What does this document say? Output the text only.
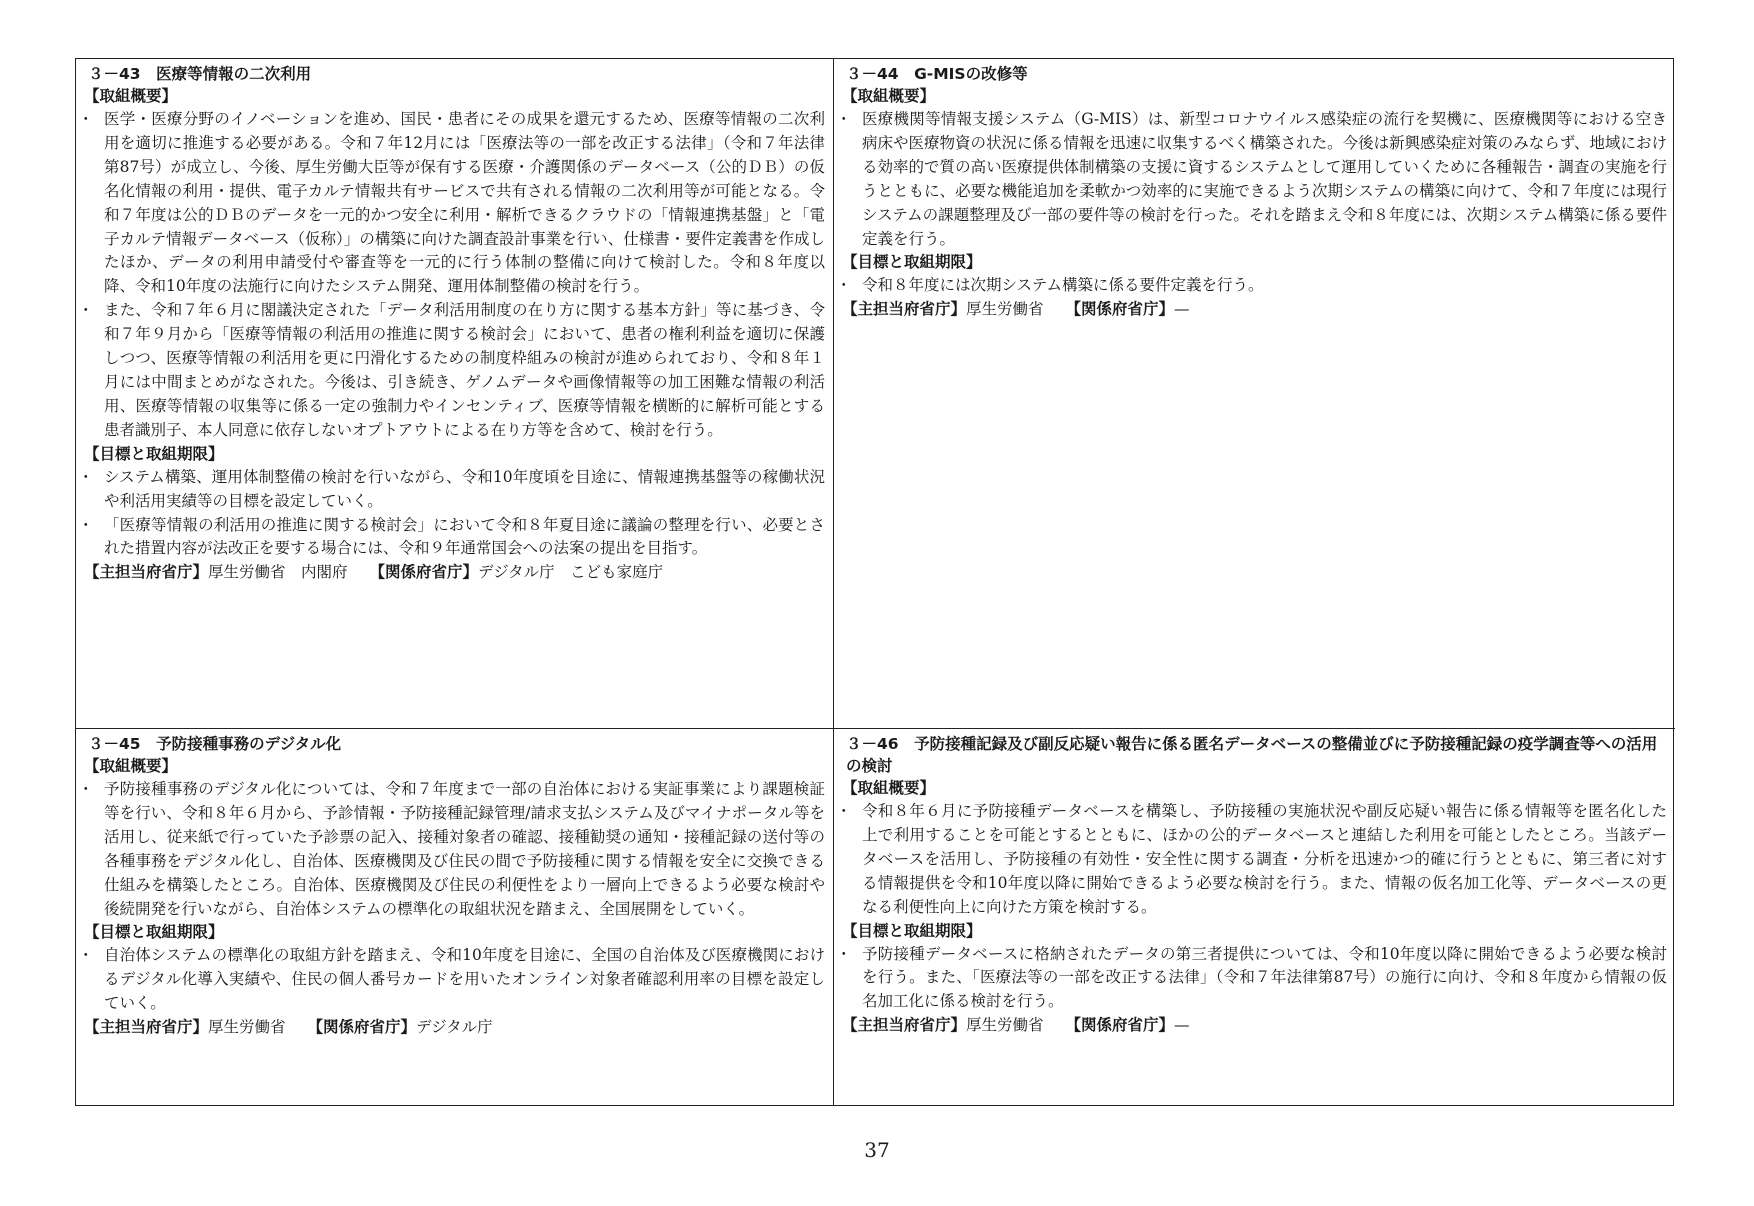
３－43　医療等情報の二次利用
【取組概要】
・ 医学・医療分野のイノベーションを進め、国民・患者にその成果を還元するため、医療等情報の二次利用を適切に推進する必要がある。令和７年12月には「医療法等の一部を改正する法律」（令和７年法律第87号）が成立し、今後、厚生労働大臣等が保有する医療・介護関係のデータベース（公的ＤＢ）の仮名化情報の利用・提供、電子カルテ情報共有サービスで共有される情報の二次利用等が可能となる。令和７年度は公的ＤＢのデータを一元的かつ安全に利用・解析できるクラウドの「情報連携基盤」と「電子カルテ情報データベース（仮称）」の構築に向けた調査設計事業を行い、仕様書・要件定義書を作成したほか、データの利用申請受付や審査等を一元的に行う体制の整備に向けて検討した。令和８年度以降、令和10年度の法施行に向けたシステム開発、運用体制整備の検討を行う。
・ また、令和７年６月に閣議決定された「データ利活用制度の在り方に関する基本方針」等に基づき、令和７年９月から「医療等情報の利活用の推進に関する検討会」において、患者の権利利益を適切に保護しつつ、医療等情報の利活用を更に円滑化するための制度枠組みの検討が進められており、令和８年１月には中間まとめがなされた。今後は、引き続き、ゲノムデータや画像情報等の加工困難な情報の利活用、医療等情報の収集等に係る一定の強制力やインセンティブ、医療等情報を横断的に解析可能とする患者識別子、本人同意に依存しないオプトアウトによる在り方等を含めて、検討を行う。
【目標と取組期限】
・ システム構築、運用体制整備の検討を行いながら、令和10年度頃を目途に、情報連携基盤等の稼働状況や利活用実績等の目標を設定していく。
・ 「医療等情報の利活用の推進に関する検討会」において令和８年夏目途に議論の整理を行い、必要とされた措置内容が法改正を要する場合には、令和９年通常国会への法案の提出を目指す。
【主担当府省庁】厚生労働省　内閣府 【関係府省庁】デジタル庁　こども家庭庁
３－44　G-MISの改修等
【取組概要】
・ 医療機関等情報支援システム（G-MIS）は、新型コロナウイルス感染症の流行を契機に、医療機関等における空き病床や医療物資の状況に係る情報を迅速に収集するべく構築された。今後は新興感染症対策のみならず、地域における効率的で質の高い医療提供体制構築の支援に資するシステムとして運用していくために各種報告・調査の実施を行うとともに、必要な機能追加を柔軟かつ効率的に実施できるよう次期システムの構築に向けて、令和７年度には現行システムの課題整理及び一部の要件等の検討を行った。それを踏まえ令和８年度には、次期システム構築に係る要件定義を行う。
【目標と取組期限】
・ 令和８年度には次期システム構築に係る要件定義を行う。
【主担当府省庁】厚生労働省 【関係府省庁】—
３－45　予防接種事務のデジタル化
【取組概要】
・ 予防接種事務のデジタル化については、令和７年度まで一部の自治体における実証事業により課題検証等を行い、令和８年６月から、予診情報・予防接種記録管理/請求支払システム及びマイナポータル等を活用し、従来紙で行っていた予診票の記入、接種対象者の確認、接種勧奨の通知・接種記録の送付等の各種事務をデジタル化し、自治体、医療機関及び住民の間で予防接種に関する情報を安全に交換できる仕組みを構築したところ。自治体、医療機関及び住民の利便性をより一層向上できるよう必要な検討や後続開発を行いながら、自治体システムの標準化の取組状況を踏まえ、全国展開をしていく。
【目標と取組期限】
・ 自治体システムの標準化の取組方針を踏まえ、令和10年度を目途に、全国の自治体及び医療機関におけるデジタル化導入実績や、住民の個人番号カードを用いたオンライン対象者確認利用率の目標を設定していく。
【主担当府省庁】厚生労働省 【関係府省庁】デジタル庁
３－46　予防接種記録及び副反応疑い報告に係る匿名データベースの整備並びに予防接種記録の疫学調査等への活用の検討
【取組概要】
・ 令和８年６月に予防接種データベースを構築し、予防接種の実施状況や副反応疑い報告に係る情報等を匿名化した上で利用することを可能とするとともに、ほかの公的データベースと連結した利用を可能としたところ。当該データベースを活用し、予防接種の有効性・安全性に関する調査・分析を迅速かつ的確に行うとともに、第三者に対する情報提供を令和10年度以降に開始できるよう必要な検討を行う。また、情報の仮名加工化等、データベースの更なる利便性向上に向けた方策を検討する。
【目標と取組期限】
・ 予防接種データベースに格納されたデータの第三者提供については、令和10年度以降に開始できるよう必要な検討を行う。また、「医療法等の一部を改正する法律」（令和７年法律第87号）の施行に向け、令和８年度から情報の仮名加工化に係る検討を行う。
【主担当府省庁】厚生労働省 【関係府省庁】—
37
